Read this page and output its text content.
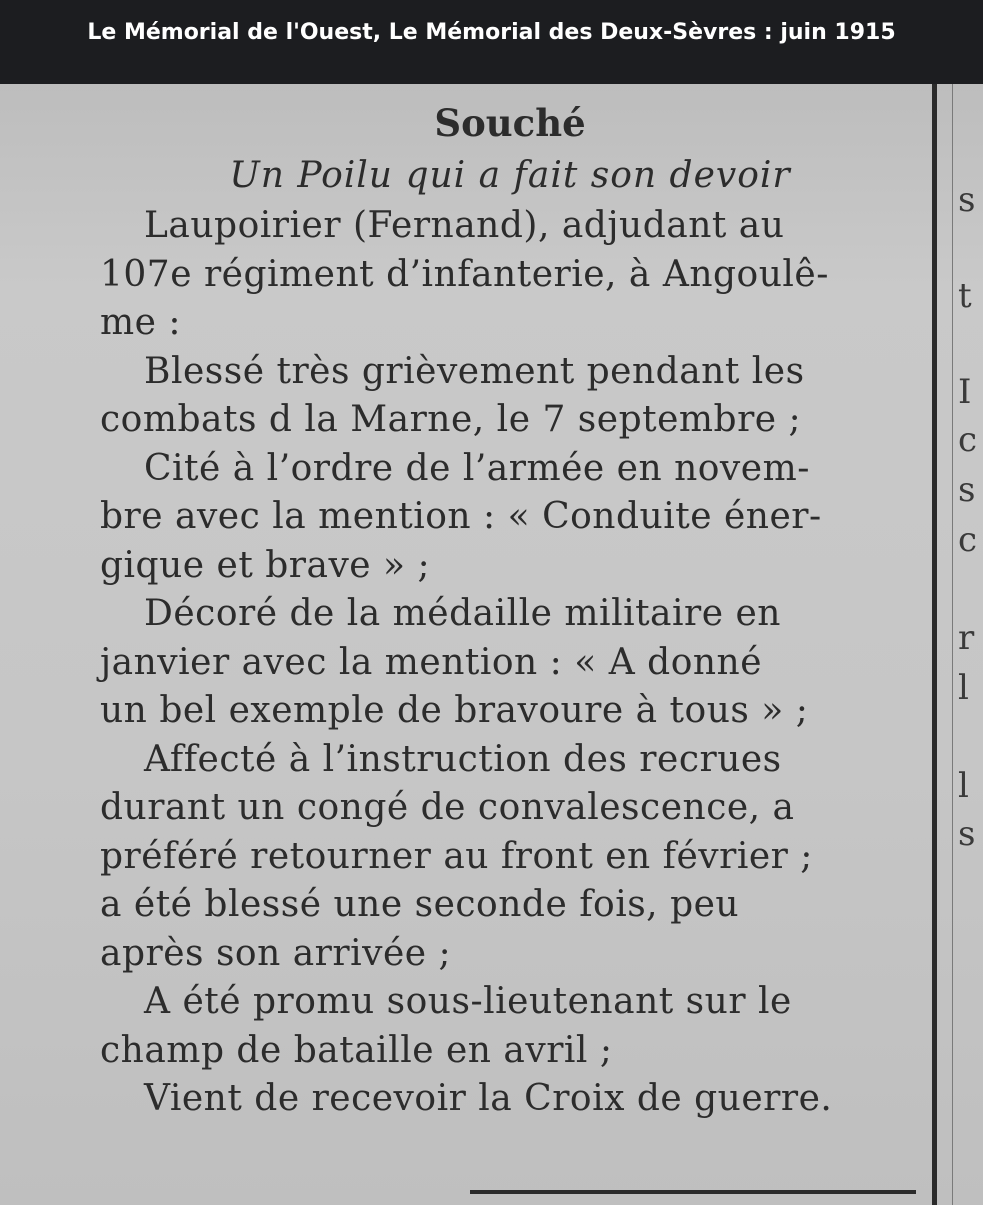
Le Mémorial de l'Ouest, Le Mémorial des Deux-Sèvres : juin 1915
Souché
Un Poilu qui a fait son devoir
Laupoirier (Fernand), adjudant au
107e régiment d’infanterie, à Angoulê-
me :
Blessé très grièvement pendant les
combats d la Marne, le 7 septembre ;
Cité à l’ordre de l’armée en novem-
bre avec la mention : « Conduite éner-
gique et brave » ;
Décoré de la médaille militaire en
janvier avec la mention : « A donné
un bel exemple de bravoure à tous » ;
Affecté à l’instruction des recrues
durant un congé de convalescence, a
préféré retourner au front en février ;
a été blessé une seconde fois, peu
après son arrivée ;
A été promu sous-lieutenant sur le
champ de bataille en avril ;
Vient de recevoir la Croix de guerre.
s
t
I
c
s
c
r
l
l
s
